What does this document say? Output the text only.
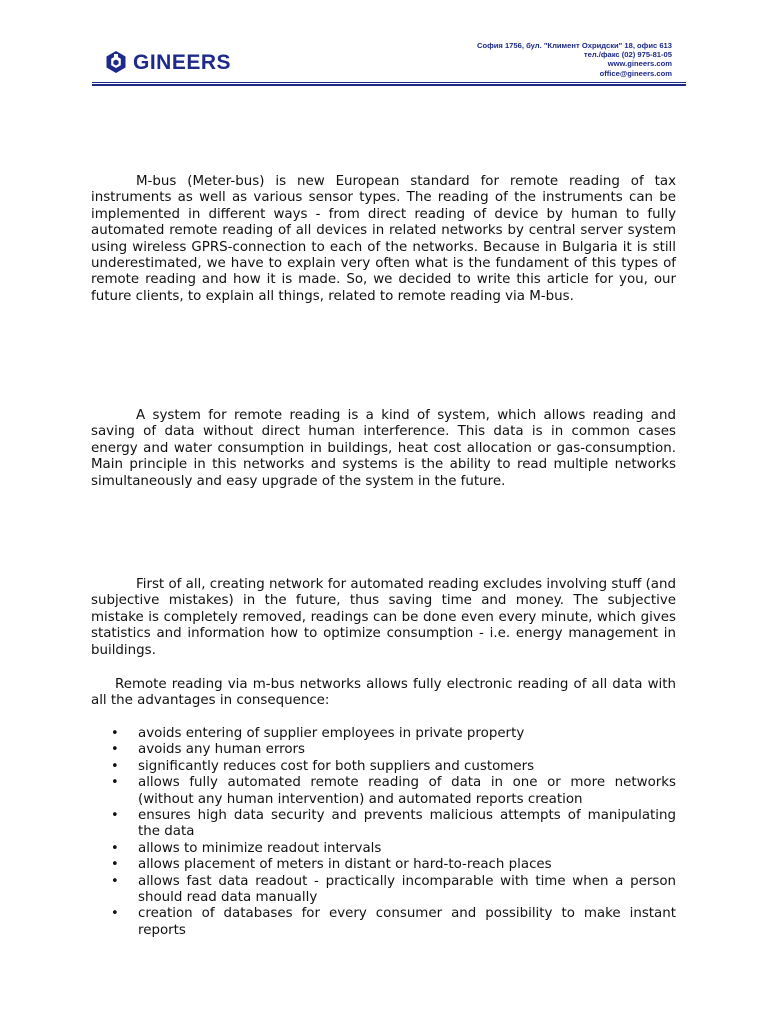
GINEERS
София 1756, бул. "Климент Охридски" 18, офис 613
тел./факс (02) 975-81-05
www.gineers.com
office@gineers.com

M-bus (Meter-bus) is new European standard for remote reading of tax instruments as well as various sensor types. The reading of the instruments can be implemented in different ways - from direct reading of device by human to fully automated remote reading of all devices in related networks by central server system using wireless GPRS-connection to each of the networks. Because in Bulgaria it is still underestimated, we have to explain very often what is the fundament of this types of remote reading and how it is made. So, we decided to write this article for you, our future clients, to explain all things, related to remote reading via M-bus.

A system for remote reading is a kind of system, which allows reading and saving of data without direct human interference. This data is in common cases energy and water consumption in buildings, heat cost allocation or gas-consumption. Main principle in this networks and systems is the ability to read multiple networks simultaneously and easy upgrade of the system in the future.

First of all, creating network for automated reading excludes involving stuff (and subjective mistakes) in the future, thus saving time and money. The subjective mistake is completely removed, readings can be done even every minute, which gives statistics and information how to optimize consumption - i.e. energy management in buildings.

Remote reading via m-bus networks allows fully electronic reading of all data with all the advantages in consequence:

• avoids entering of supplier employees in private property
• avoids any human errors
• significantly reduces cost for both suppliers and customers
• allows fully automated remote reading of data in one or more networks (without any human intervention) and automated reports creation
• ensures high data security and prevents malicious attempts of manipulating the data
• allows to minimize readout intervals
• allows placement of meters in distant or hard-to-reach places
• allows fast data readout - practically incomparable with time when a person should read data manually
• creation of databases for every consumer and possibility to make instant reports
